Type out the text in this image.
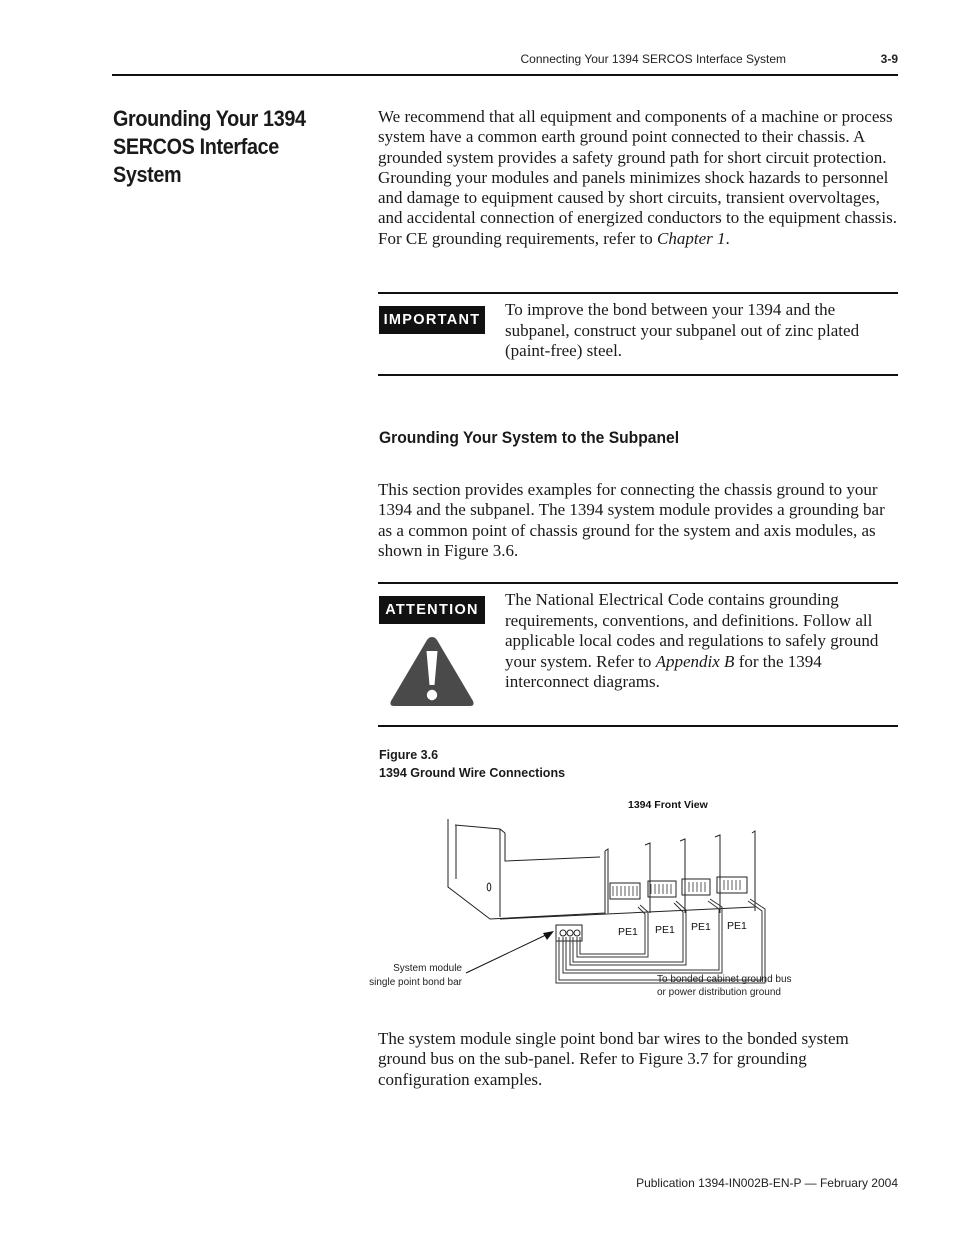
Connecting Your 1394 SERCOS Interface System	3-9
Grounding Your 1394
SERCOS Interface System
We recommend that all equipment and components of a machine or process system have a common earth ground point connected to their chassis. A grounded system provides a safety ground path for short circuit protection. Grounding your modules and panels minimizes shock hazards to personnel and damage to equipment caused by short circuits, transient overvoltages, and accidental connection of energized conductors to the equipment chassis. For CE grounding requirements, refer to Chapter 1.
IMPORTANT
To improve the bond between your 1394 and the subpanel, construct your subpanel out of zinc plated (paint-free) steel.
Grounding Your System to the Subpanel
This section provides examples for connecting the chassis ground to your 1394 and the subpanel. The 1394 system module provides a grounding bar as a common point of chassis ground for the system and axis modules, as shown in Figure 3.6.
ATTENTION
The National Electrical Code contains grounding requirements, conventions, and definitions. Follow all applicable local codes and regulations to safely ground your system. Refer to Appendix B for the 1394 interconnect diagrams.
Figure 3.6
1394 Ground Wire Connections
1394 Front View
PE1 PE1 PE1 PE1
System module
single point bond bar	To bonded cabinet ground bus
or power distribution ground
The system module single point bond bar wires to the bonded system ground bus on the sub-panel. Refer to Figure 3.7 for grounding configuration examples.
Publication 1394-IN002B-EN-P — February 2004
